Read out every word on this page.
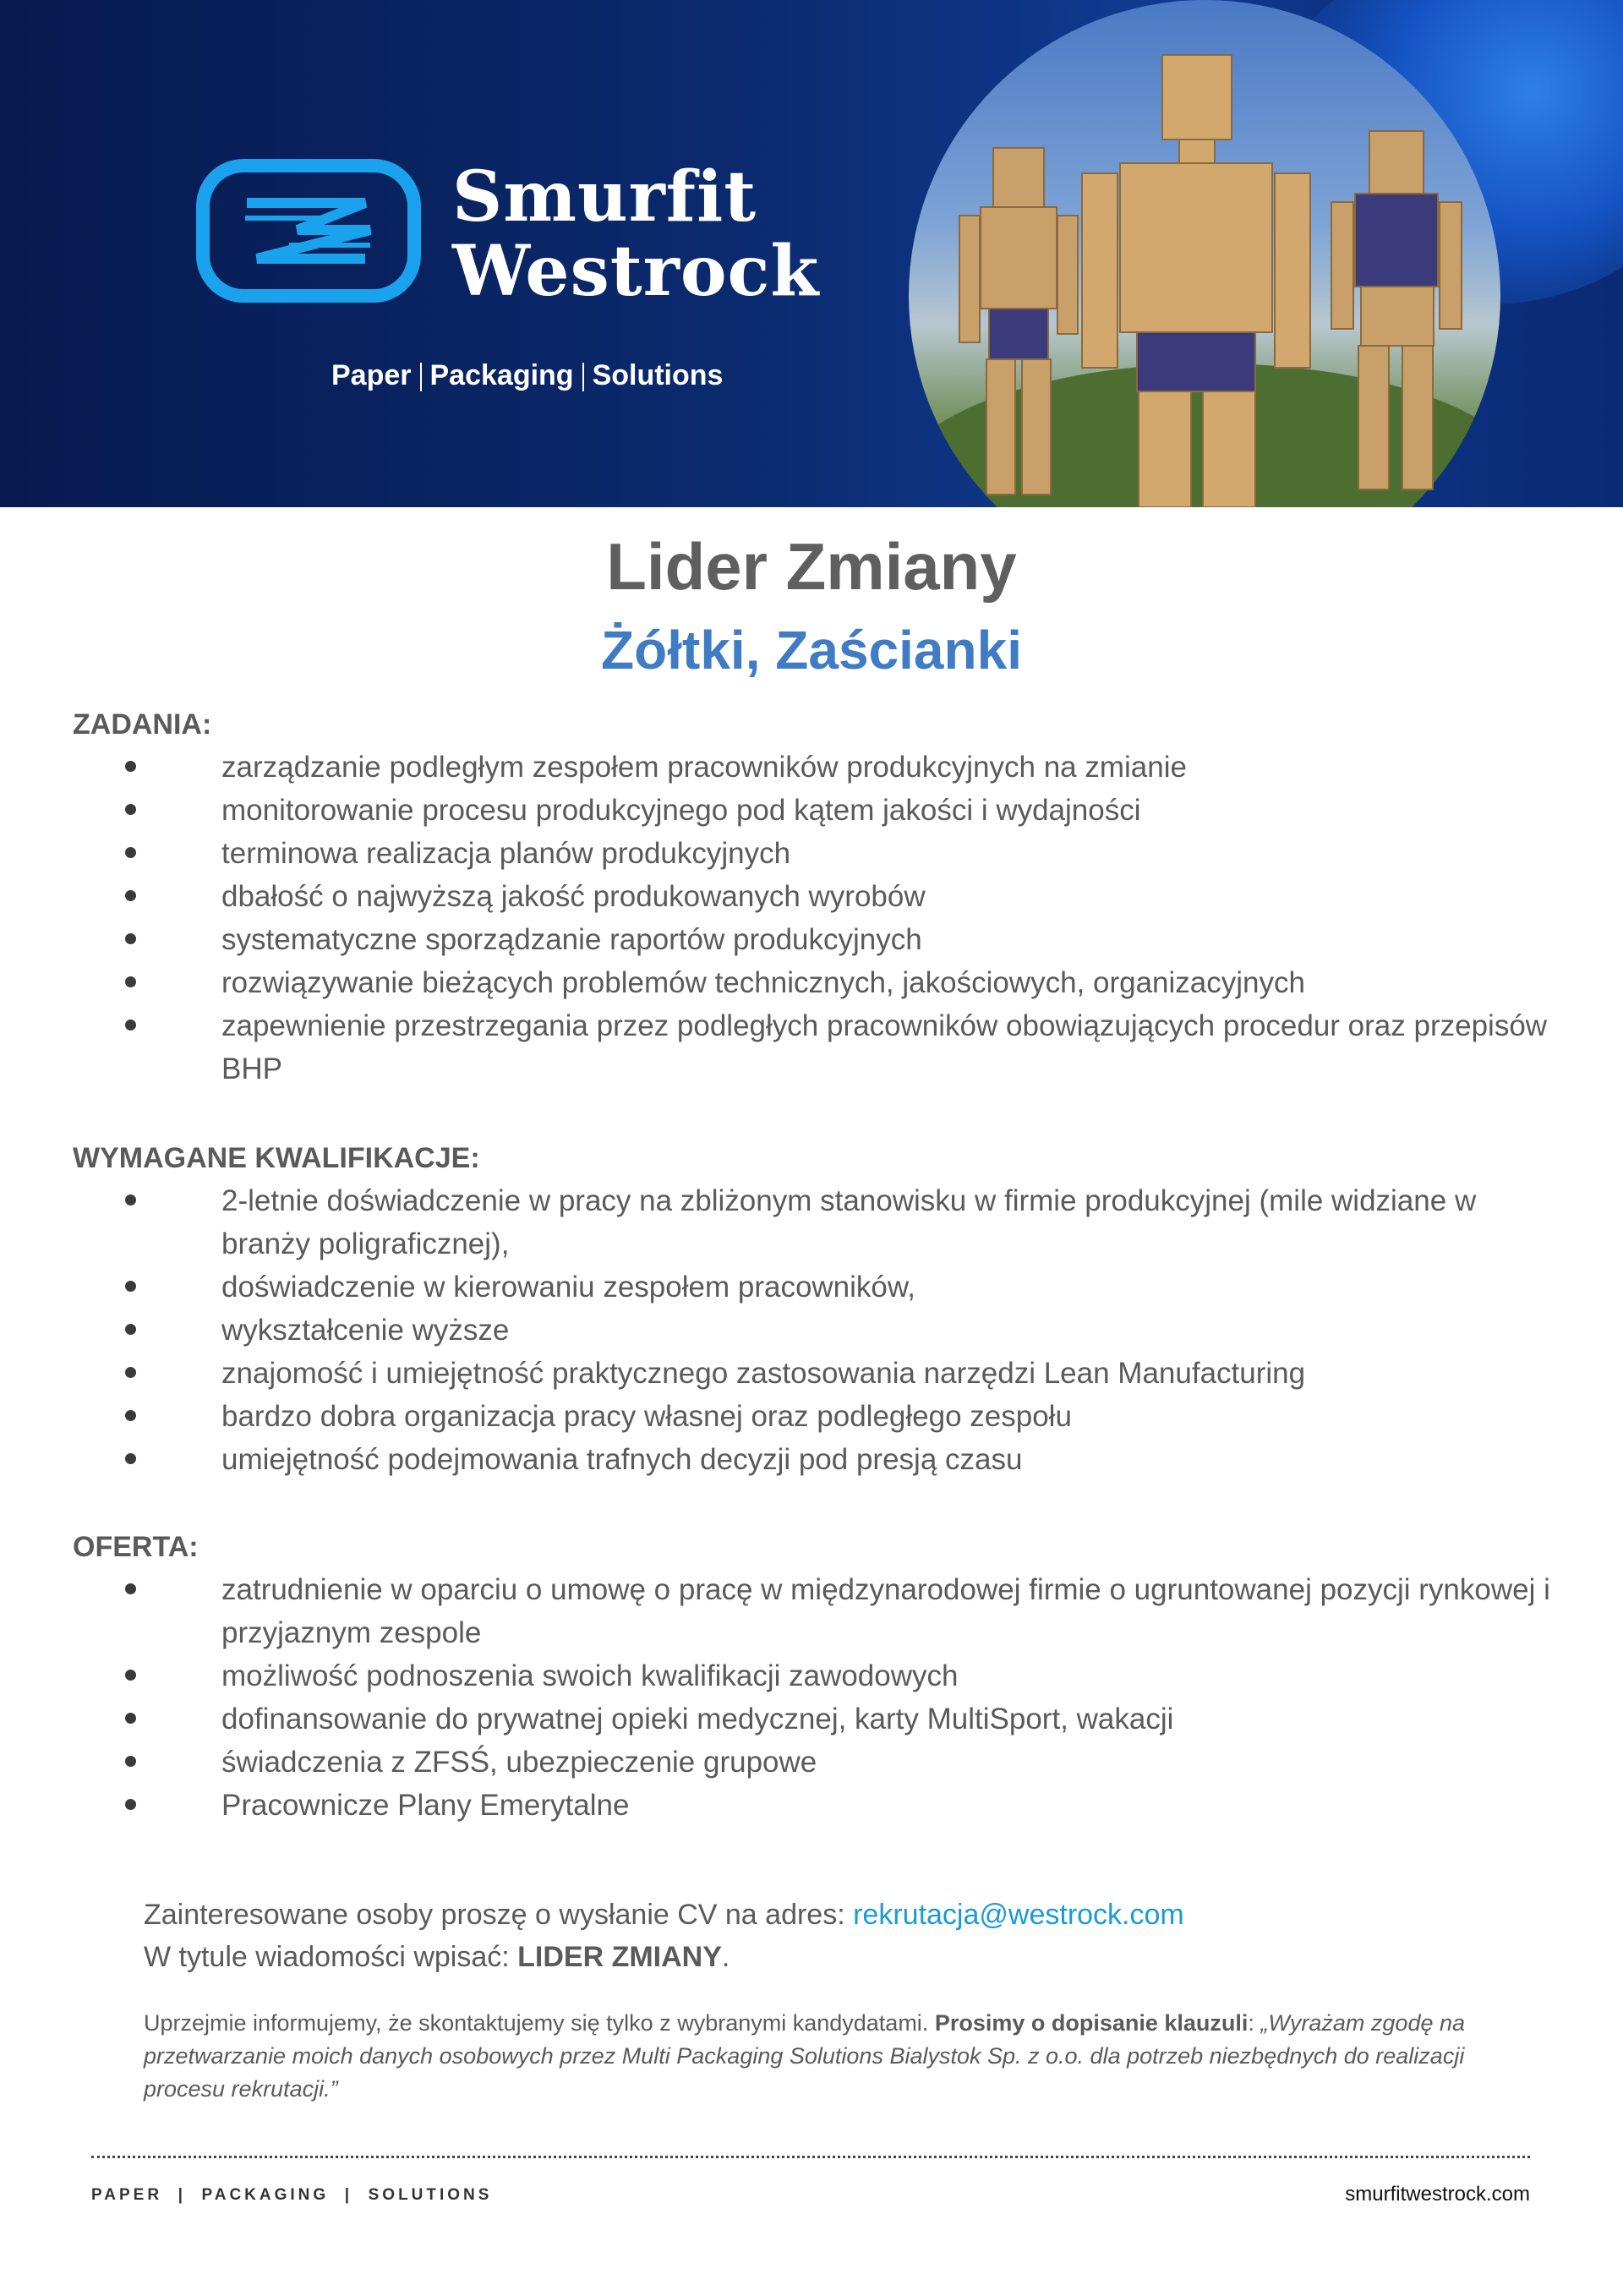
Smurfit
Westrock
Paper Packaging Solutions
Lider Zmiany
Żółtki, Zaścianki
ZADANIA:
zarządzanie podległym zespołem pracowników produkcyjnych na zmianie
monitorowanie procesu produkcyjnego pod kątem jakości i wydajności
terminowa realizacja planów produkcyjnych
dbałość o najwyższą jakość produkowanych wyrobów
systematyczne sporządzanie raportów produkcyjnych
rozwiązywanie bieżących problemów technicznych, jakościowych, organizacyjnych
zapewnienie przestrzegania przez podległych pracowników obowiązujących procedur oraz przepisów BHP
WYMAGANE KWALIFIKACJE:
2-letnie doświadczenie w pracy na zbliżonym stanowisku w firmie produkcyjnej (mile widziane w branży poligraficznej),
doświadczenie w kierowaniu zespołem pracowników,
wykształcenie wyższe
znajomość i umiejętność praktycznego zastosowania narzędzi Lean Manufacturing
bardzo dobra organizacja pracy własnej oraz podległego zespołu
umiejętność podejmowania trafnych decyzji pod presją czasu
OFERTA:
zatrudnienie w oparciu o umowę o pracę w międzynarodowej firmie o ugruntowanej pozycji rynkowej i przyjaznym zespole
możliwość podnoszenia swoich kwalifikacji zawodowych
dofinansowanie do prywatnej opieki medycznej, karty MultiSport, wakacji
świadczenia z ZFSŚ, ubezpieczenie grupowe
Pracownicze Plany Emerytalne
Zainteresowane osoby proszę o wysłanie CV na adres: rekrutacja@westrock.com
W tytule wiadomości wpisać: LIDER ZMIANY.
Uprzejmie informujemy, że skontaktujemy się tylko z wybranymi kandydatami. Prosimy o dopisanie klauzuli: „Wyrażam zgodę na przetwarzanie moich danych osobowych przez Multi Packaging Solutions Bialystok Sp. z o.o. dla potrzeb niezbędnych do realizacji procesu rekrutacji.”
PAPER  |  PACKAGING  |  SOLUTIONS	smurfitwestrock.com
